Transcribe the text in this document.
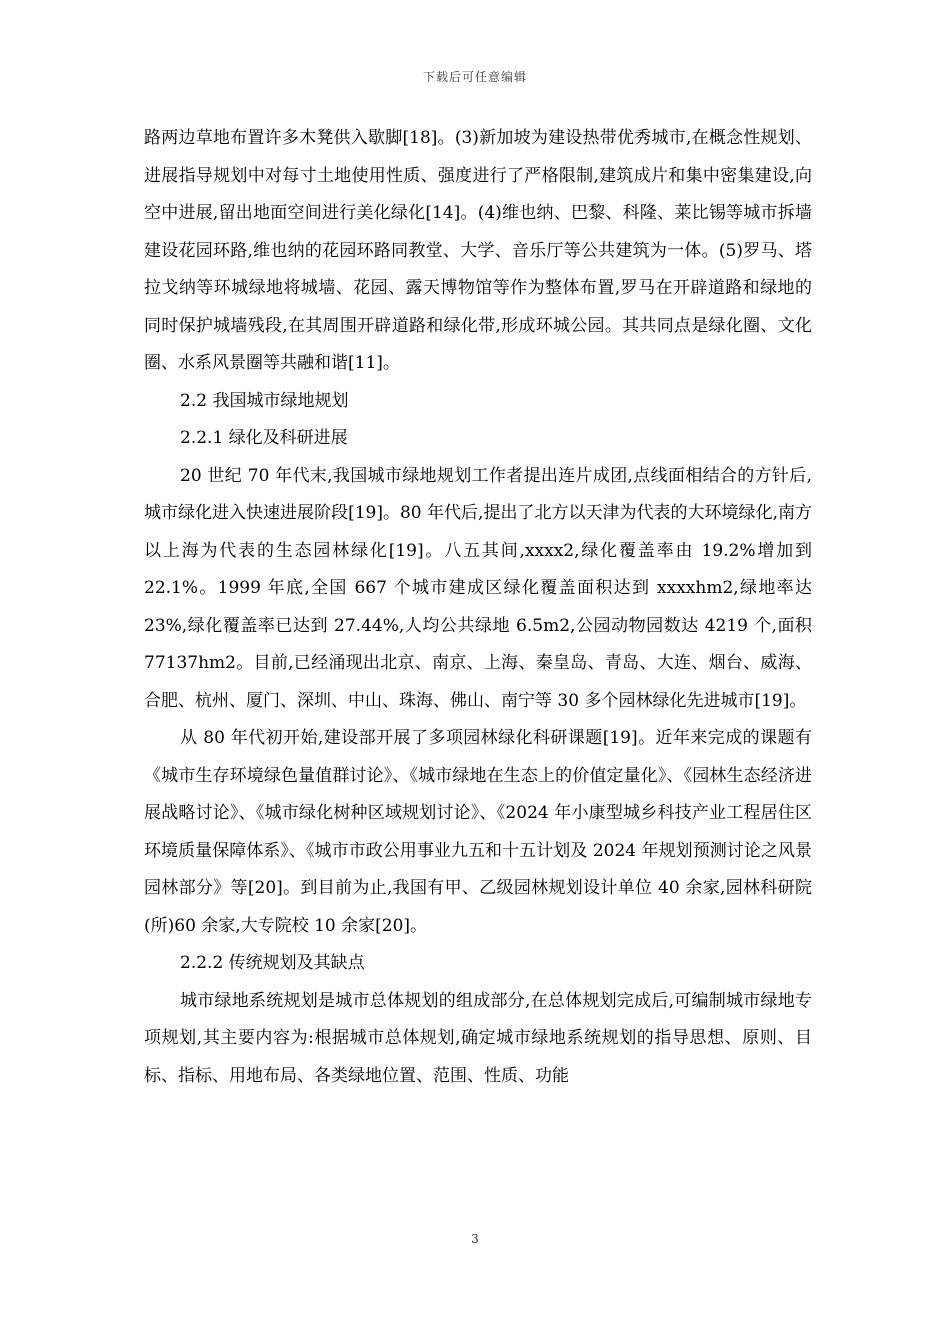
下载后可任意编辑

路两边草地布置许多木凳供入歇脚[18]。(3)新加坡为建设热带优秀城市,在概念性规划、进展指导规划中对每寸土地使用性质、强度进行了严格限制,建筑成片和集中密集建设,向空中进展,留出地面空间进行美化绿化[14]。(4)维也纳、巴黎、科隆、莱比锡等城市拆墙建设花园环路,维也纳的花园环路同教堂、大学、音乐厅等公共建筑为一体。(5)罗马、塔拉戈纳等环城绿地将城墙、花园、露天博物馆等作为整体布置,罗马在开辟道路和绿地的同时保护城墙残段,在其周围开辟道路和绿化带,形成环城公园。其共同点是绿化圈、文化圈、水系风景圈等共融和谐[11]。

2.2 我国城市绿地规划

2.2.1 绿化及科研进展

20 世纪 70 年代末,我国城市绿地规划工作者提出连片成团,点线面相结合的方针后,城市绿化进入快速进展阶段[19]。80 年代后,提出了北方以天津为代表的大环境绿化,南方以上海为代表的生态园林绿化[19]。八五其间,xxxx2,绿化覆盖率由 19.2%增加到 22.1%。1999 年底,全国 667 个城市建成区绿化覆盖面积达到 xxxxhm2,绿地率达 23%,绿化覆盖率已达到 27.44%,人均公共绿地 6.5m2,公园动物园数达 4219 个,面积 77137hm2。目前,已经涌现出北京、南京、上海、秦皇岛、青岛、大连、烟台、威海、合肥、杭州、厦门、深圳、中山、珠海、佛山、南宁等 30 多个园林绿化先进城市[19]。

从 80 年代初开始,建设部开展了多项园林绿化科研课题[19]。近年来完成的课题有《城市生存环境绿色量值群讨论》、《城市绿地在生态上的价值定量化》、《园林生态经济进展战略讨论》、《城市绿化树种区域规划讨论》、《2024 年小康型城乡科技产业工程居住区环境质量保障体系》、《城市市政公用事业九五和十五计划及 2024 年规划预测讨论之风景园林部分》等[20]。到目前为止,我国有甲、乙级园林规划设计单位 40 余家,园林科研院(所)60 余家,大专院校 10 余家[20]。

2.2.2 传统规划及其缺点

城市绿地系统规划是城市总体规划的组成部分,在总体规划完成后,可编制城市绿地专项规划,其主要内容为:根据城市总体规划,确定城市绿地系统规划的指导思想、原则、目标、指标、用地布局、各类绿地位置、范围、性质、功能

3
